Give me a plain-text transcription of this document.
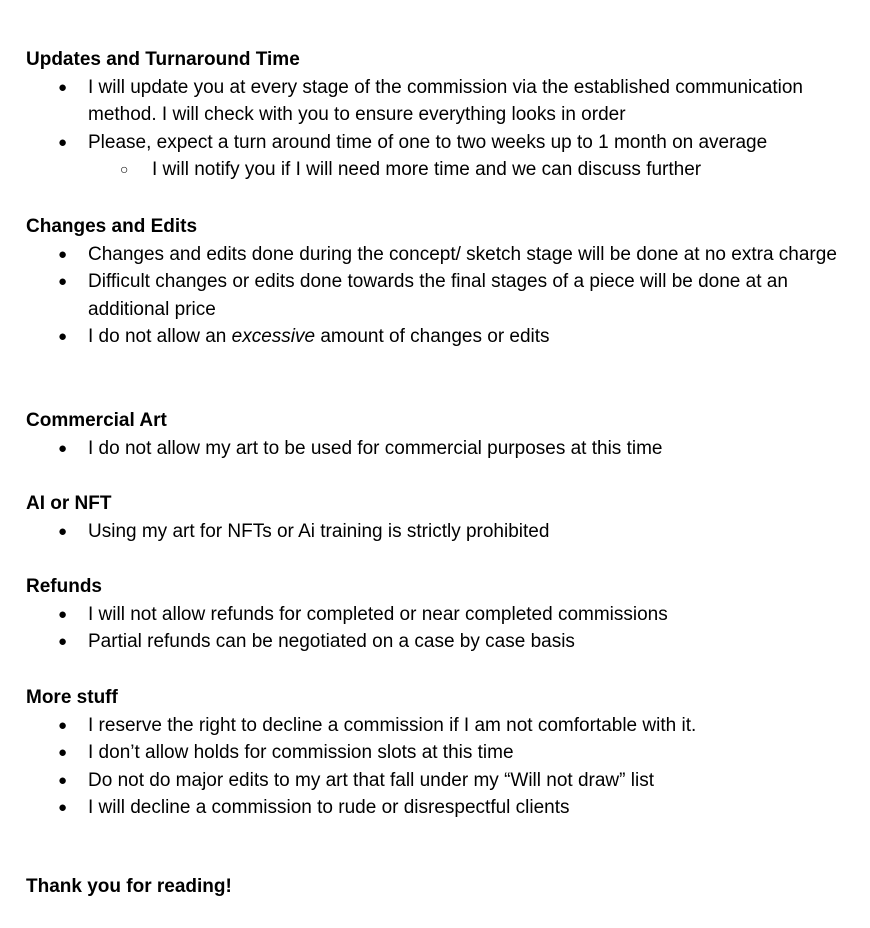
Updates and Turnaround Time

● I will update you at every stage of the commission via the established communication method. I will check with you to ensure everything looks in order
● Please, expect a turn around time of one to two weeks up to 1 month on average
○ I will notify you if I will need more time and we can discuss further

Changes and Edits

● Changes and edits done during the concept/ sketch stage will be done at no extra charge
● Difficult changes or edits done towards the final stages of a piece will be done at an additional price
● I do not allow an excessive amount of changes or edits

Commercial Art

● I do not allow my art to be used for commercial purposes at this time

AI or NFT

● Using my art for NFTs or Ai training is strictly prohibited

Refunds

● I will not allow refunds for completed or near completed commissions
● Partial refunds can be negotiated on a case by case basis

More stuff

● I reserve the right to decline a commission if I am not comfortable with it.
● I don’t allow holds for commission slots at this time
● Do not do major edits to my art that fall under my “Will not draw” list
● I will decline a commission to rude or disrespectful clients

Thank you for reading!
